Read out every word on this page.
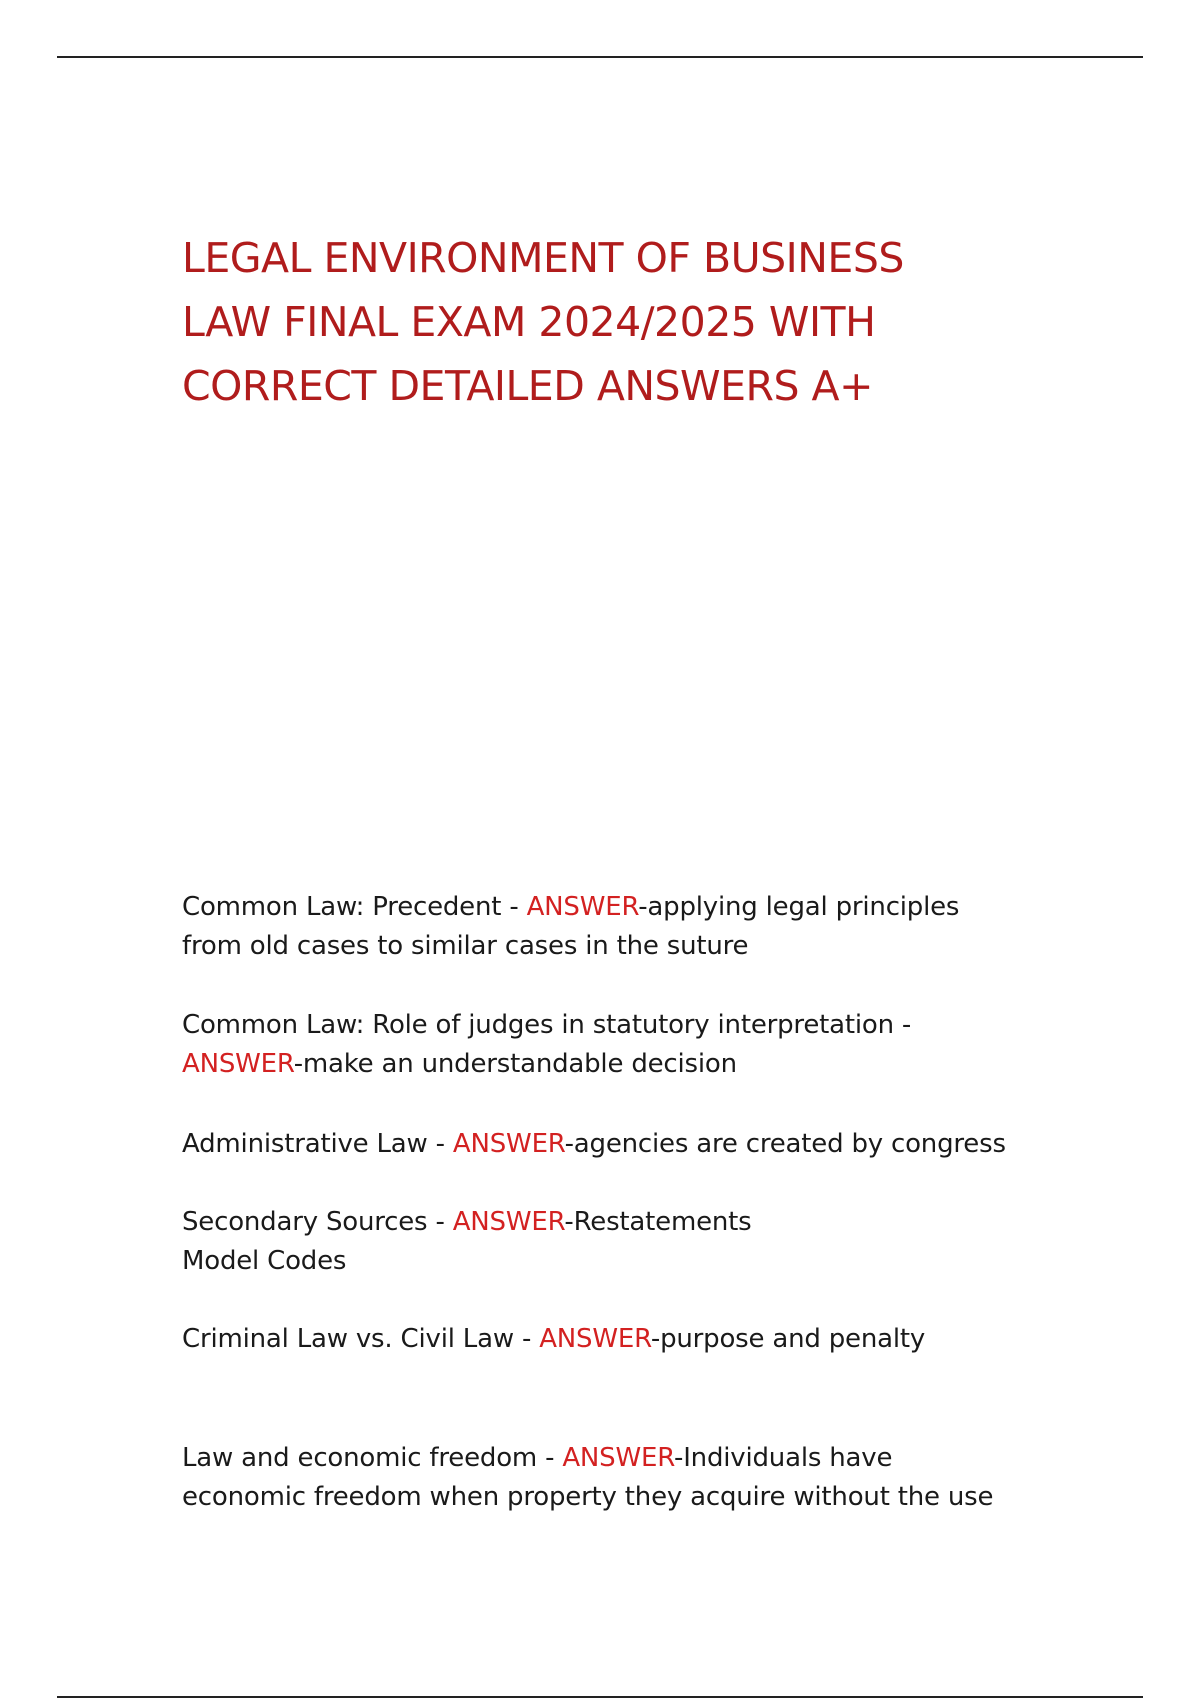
LEGAL ENVIRONMENT OF BUSINESS
LAW FINAL EXAM 2024/2025 WITH
CORRECT DETAILED ANSWERS A+
Common Law: Precedent - ANSWER-applying legal principles
from old cases to similar cases in the suture
Common Law: Role of judges in statutory interpretation -
ANSWER-make an understandable decision
Administrative Law - ANSWER-agencies are created by congress
Secondary Sources - ANSWER-Restatements
Model Codes
Criminal Law vs. Civil Law - ANSWER-purpose and penalty
Law and economic freedom - ANSWER-Individuals have
economic freedom when property they acquire without the use
